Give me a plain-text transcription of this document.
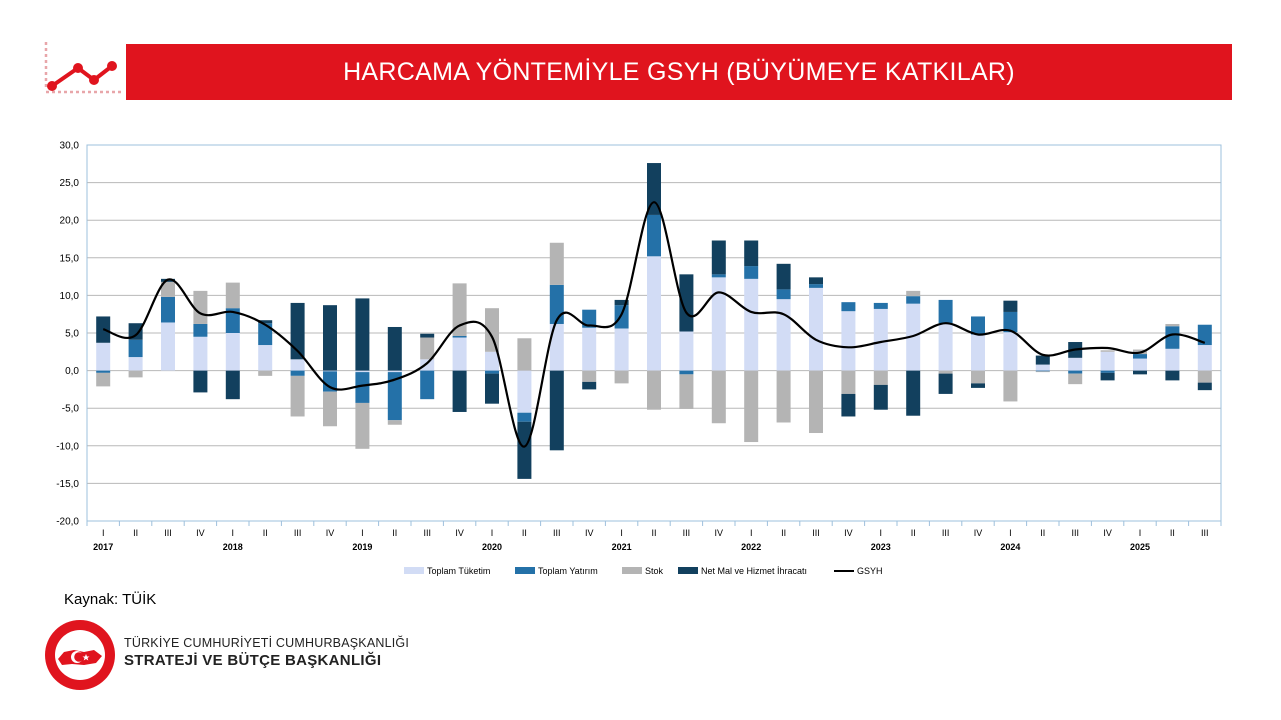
HARCAMA YÖNTEMİYLE GSYH (BÜYÜMEYE KATKILAR)
30,0
25,0
20,0
15,0
10,0
5,0
0,0
-5,0
-10,0
-15,0
-20,0
I	II	III	IV	I	II	III	IV	I	II	III	IV	I	II	III	IV	I	II	III	IV	I	II	III	IV	I	II	III	IV	I	II	III	IV	I	II	III
2017	2018	2019	2020	2021	2022	2023	2024	2025
Toplam Tüketim	Toplam Yatırım	Stok	Net Mal ve Hizmet İhracatı	GSYH
Kaynak: TÜİK
TÜRKİYE CUMHURİYETİ CUMHURBAŞKANLIĞI
STRATEJİ VE BÜTÇE BAŞKANLIĞI
